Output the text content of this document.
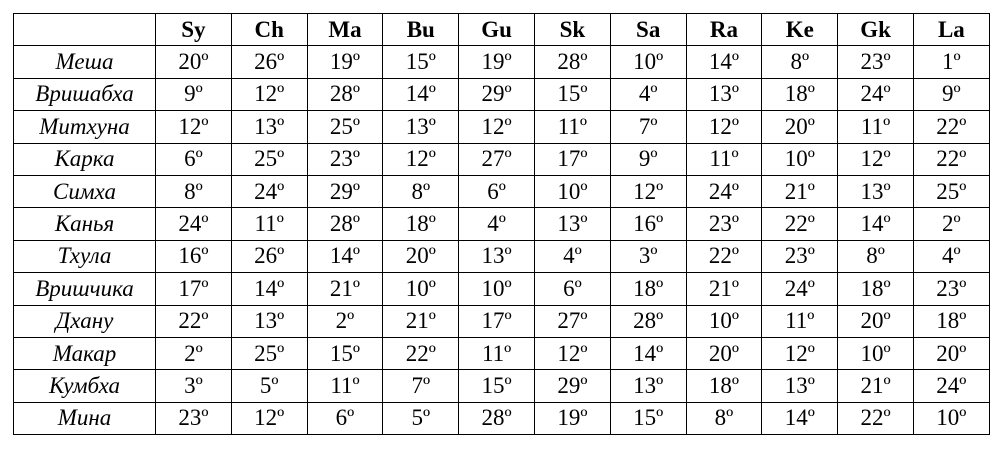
	Sy	Ch	Ma	Bu	Gu	Sk	Sa	Ra	Ke	Gk	La
Меша	20º	26º	19º	15º	19º	28º	10º	14º	8º	23º	1º
Вришабха	9º	12º	28º	14º	29º	15º	4º	13º	18º	24º	9º
Митхуна	12º	13º	25º	13º	12º	11º	7º	12º	20º	11º	22º
Карка	6º	25º	23º	12º	27º	17º	9º	11º	10º	12º	22º
Симха	8º	24º	29º	8º	6º	10º	12º	24º	21º	13º	25º
Канья	24º	11º	28º	18º	4º	13º	16º	23º	22º	14º	2º
Тхула	16º	26º	14º	20º	13º	4º	3º	22º	23º	8º	4º
Вришчика	17º	14º	21º	10º	10º	6º	18º	21º	24º	18º	23º
Дхану	22º	13º	2º	21º	17º	27º	28º	10º	11º	20º	18º
Макар	2º	25º	15º	22º	11º	12º	14º	20º	12º	10º	20º
Кумбха	3º	5º	11º	7º	15º	29º	13º	18º	13º	21º	24º
Мина	23º	12º	6º	5º	28º	19º	15º	8º	14º	22º	10º
